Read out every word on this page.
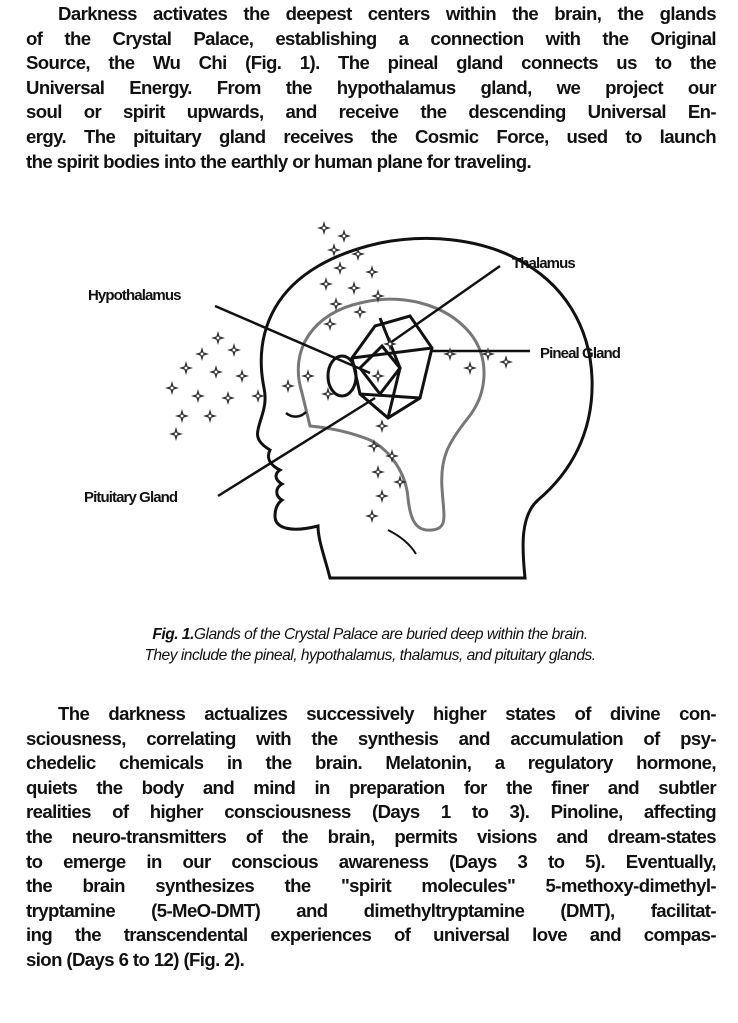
Darkness activates the deepest centers within the brain, the glands
of the Crystal Palace, establishing a connection with the Original
Source, the Wu Chi (Fig. 1). The pineal gland connects us to the
Universal Energy. From the hypothalamus gland, we project our
soul or spirit upwards, and receive the descending Universal En-
ergy. The pituitary gland receives the Cosmic Force, used to launch
the spirit bodies into the earthly or human plane for traveling.
Thalamus
Hypothalamus
Pineal Gland
Pituitary Gland
Fig. 1.Glands of the Crystal Palace are buried deep within the brain.
They include the pineal, hypothalamus, thalamus, and pituitary glands.
The darkness actualizes successively higher states of divine con-
sciousness, correlating with the synthesis and accumulation of psy-
chedelic chemicals in the brain. Melatonin, a regulatory hormone,
quiets the body and mind in preparation for the finer and subtler
realities of higher consciousness (Days 1 to 3). Pinoline, affecting
the neuro-transmitters of the brain, permits visions and dream-states
to emerge in our conscious awareness (Days 3 to 5). Eventually,
the brain synthesizes the "spirit molecules" 5-methoxy-dimethyl-
tryptamine (5-MeO-DMT) and dimethyltryptamine (DMT), facilitat-
ing the transcendental experiences of universal love and compas-
sion (Days 6 to 12) (Fig. 2).
